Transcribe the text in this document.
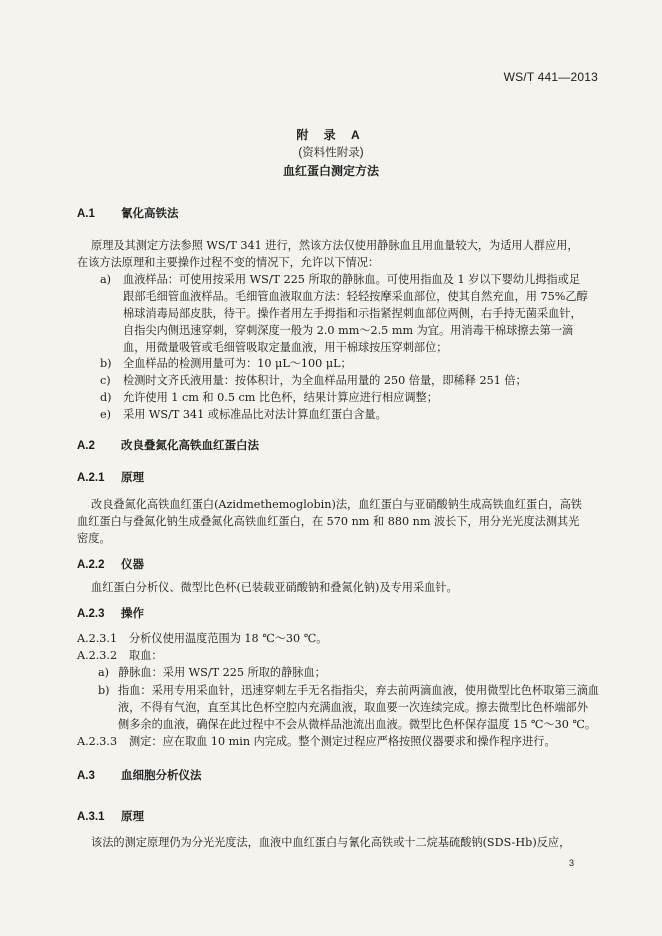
WS/T 441—2013
附 录 A
(资料性附录)
血红蛋白测定方法
A.1 氰化高铁法
原理及其测定方法参照 WS/T 341 进行，然该方法仅使用静脉血且用血量较大，为适用人群应用，
在该方法原理和主要操作过程不变的情况下，允许以下情况：
a) 血液样品：可使用按采用 WS/T 225 所取的静脉血。可使用指血及 1 岁以下婴幼儿拇指或足
跟部毛细管血液样品。毛细管血液取血方法：轻轻按摩采血部位，使其自然充血，用 75%乙醇
棉球消毒局部皮肤，待干。操作者用左手拇指和示指紧捏刺血部位两侧，右手持无菌采血针，
自指尖内侧迅速穿刺，穿刺深度一般为 2.0 mm～2.5 mm 为宜。用消毒干棉球擦去第一滴
血，用微量吸管或毛细管吸取定量血液，用干棉球按压穿刺部位；
b) 全血样品的检测用量可为：10 μL～100 μL；
c) 检测时文齐氏液用量：按体积计，为全血样品用量的 250 倍量，即稀释 251 倍；
d) 允许使用 1 cm 和 0.5 cm 比色杯，结果计算应进行相应调整；
e) 采用 WS/T 341 或标准品比对法计算血红蛋白含量。
A.2 改良叠氮化高铁血红蛋白法
A.2.1 原理
改良叠氮化高铁血红蛋白(Azidmethemoglobin)法，血红蛋白与亚硝酸钠生成高铁血红蛋白，高铁
血红蛋白与叠氮化钠生成叠氮化高铁血红蛋白，在 570 nm 和 880 nm 波长下，用分光光度法测其光
密度。
A.2.2 仪器
血红蛋白分析仪、微型比色杯(已装载亚硝酸钠和叠氮化钠)及专用采血针。
A.2.3 操作
A.2.3.1 分析仪使用温度范围为 18 ℃～30 ℃。
A.2.3.2 取血：
a) 静脉血：采用 WS/T 225 所取的静脉血；
b) 指血：采用专用采血针，迅速穿刺左手无名指指尖，弃去前两滴血液，使用微型比色杯取第三滴血
液，不得有气泡，直至其比色杯空腔内充满血液，取血要一次连续完成。擦去微型比色杯端部外
侧多余的血液，确保在此过程中不会从微样品池流出血液。微型比色杯保存温度 15 ℃～30 ℃。
A.2.3.3 测定：应在取血 10 min 内完成。整个测定过程应严格按照仪器要求和操作程序进行。
A.3 血细胞分析仪法
A.3.1 原理
该法的测定原理仍为分光光度法，血液中血红蛋白与氰化高铁或十二烷基硫酸钠(SDS-Hb)反应，
3
